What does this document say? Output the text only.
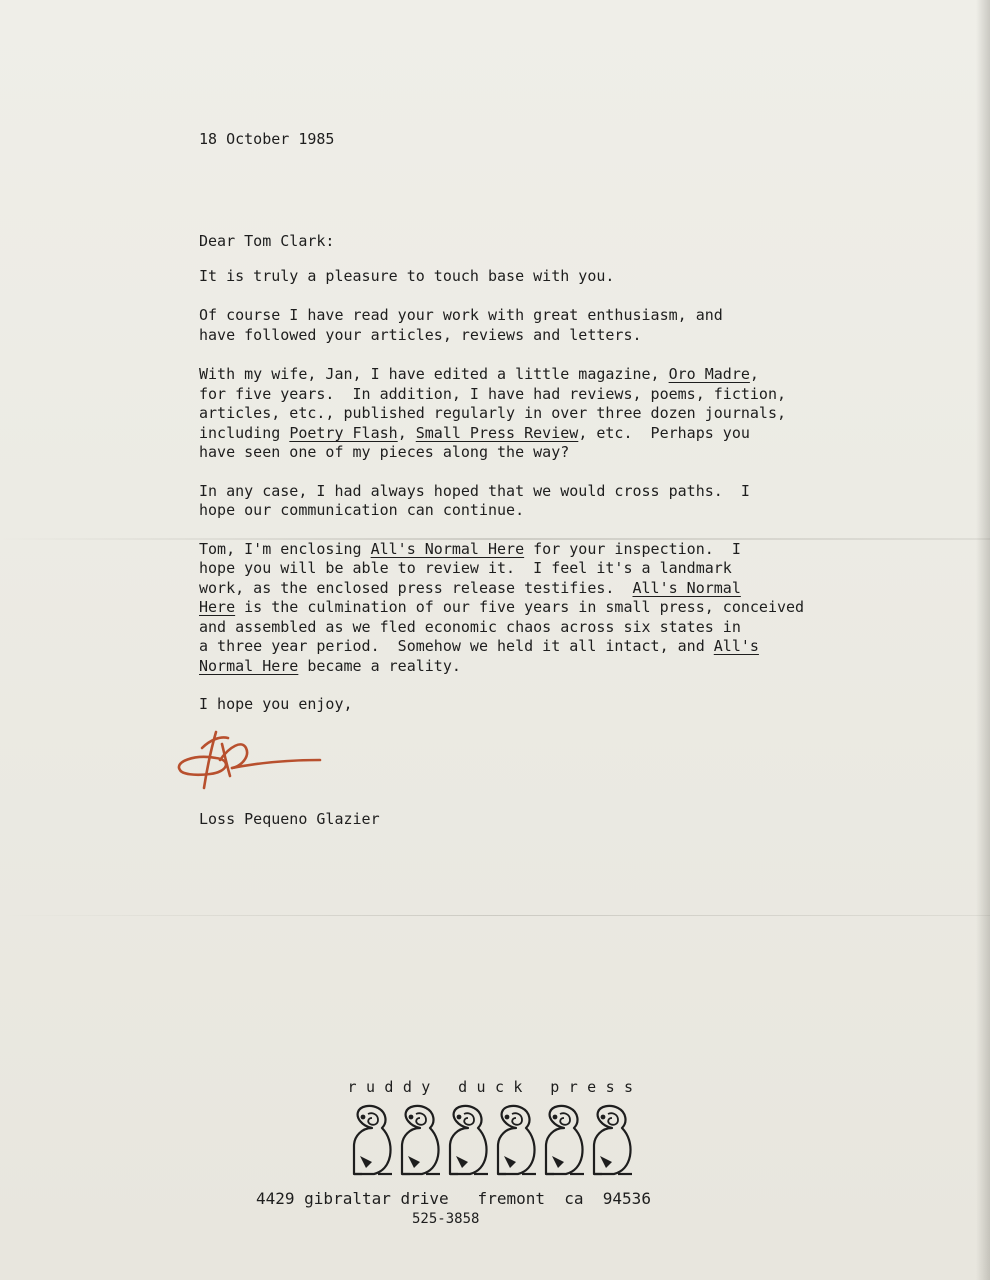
18 October 1985

Dear Tom Clark:

It is truly a pleasure to touch base with you.

Of course I have read your work with great enthusiasm, and

have followed your articles, reviews and letters.

With my wife, Jan, I have edited a little magazine, Oro Madre,

for five years.  In addition, I have had reviews, poems, fiction,

articles, etc., published regularly in over three dozen journals,

including Poetry Flash, Small Press Review, etc.  Perhaps you

have seen one of my pieces along the way?

In any case, I had always hoped that we would cross paths.  I

hope our communication can continue.

Tom, I'm enclosing All's Normal Here for your inspection.  I

hope you will be able to review it.  I feel it's a landmark

work, as the enclosed press release testifies.  All's Normal

Here is the culmination of our five years in small press, conceived

and assembled as we fled economic chaos across six states in

a three year period.  Somehow we held it all intact, and All's

Normal Here became a reality.

I hope you enjoy,

Loss Pequeno Glazier

ruddy duck press

4429 gibraltar drive   fremont  ca  94536

525-3858
